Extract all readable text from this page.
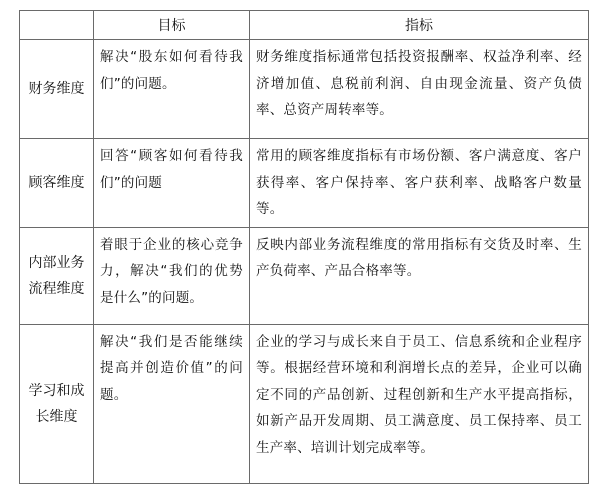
	目标	指标
财务维度	解决“股东如何看待我们”的问题。	财务维度指标通常包括投资报酬率、权益净利率、经济增加值、息税前利润、自由现金流量、资产负债率、总资产周转率等。
顾客维度	回答“顾客如何看待我们”的问题	常用的顾客维度指标有市场份额、客户满意度、客户获得率、客户保持率、客户获利率、战略客户数量等。
内部业务流程维度	着眼于企业的核心竞争力，解决“我们的优势是什么”的问题。	反映内部业务流程维度的常用指标有交货及时率、生产负荷率、产品合格率等。
学习和成长维度	解决“我们是否能继续提高并创造价值”的问题。	企业的学习与成长来自于员工、信息系统和企业程序等。根据经营环境和利润增长点的差异，企业可以确定不同的产品创新、过程创新和生产水平提高指标，如新产品开发周期、员工满意度、员工保持率、员工生产率、培训计划完成率等。
